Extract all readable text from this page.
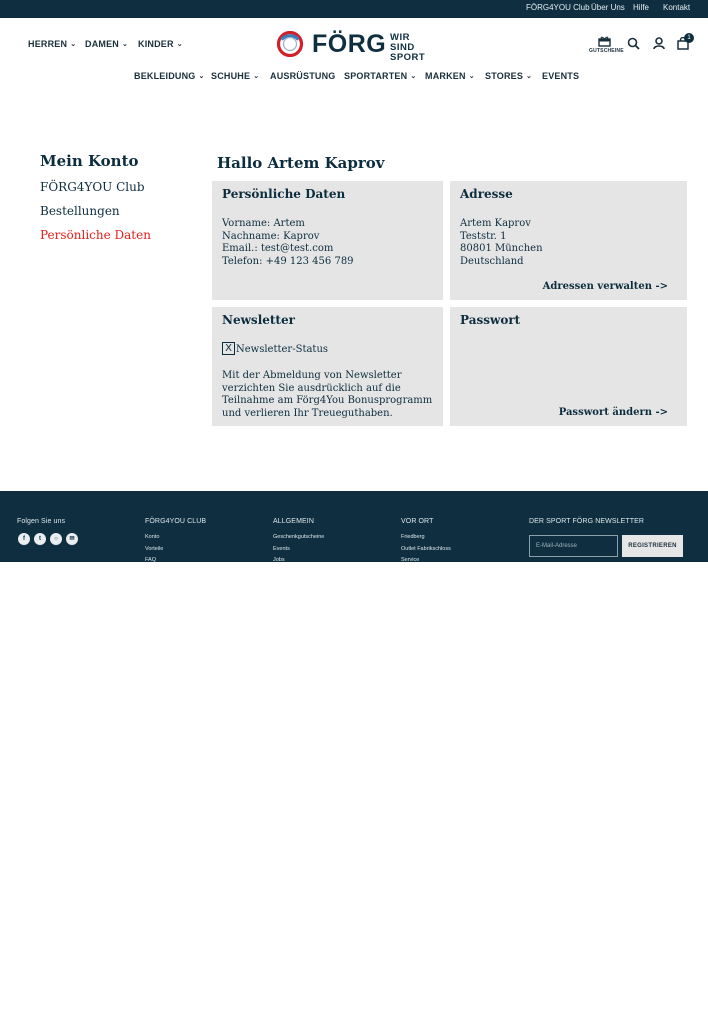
FÖRG4YOU Club Über Uns Hilfe Kontakt
HERREN ⌄ DAMEN ⌄ KINDER ⌄	FÖRG WIR SIND
SPORT
GUTSCHEINE
1
BEKLEIDUNG ⌄ SCHUHE ⌄ AUSRÜSTUNG SPORTARTEN ⌄ MARKEN ⌄ STORES ⌄ EVENTS
Mein Konto
FÖRG4YOU Club
Bestellungen
Persönliche Daten
Hallo Artem Kaprov
Persönliche Daten
Vorname: Artem
Nachname: Kaprov
Email.: test@test.com
Telefon: +49 123 456 789
Adresse
Artem Kaprov
Teststr. 1
80801 München
Deutschland
Adressen verwalten ->
Newsletter
X Newsletter-Status
Mit der Abmeldung von Newsletter verzichten Sie ausdrücklich auf die Teilnahme am Förg4You Bonusprogramm und verlieren Ihr Treueguthaben.
Passwort
Passwort ändern ->
Folgen Sie uns
f	t	○	✉
FÖRG4YOU CLUB
Konto
Vorteile
FAQ
ALLGEMEIN
Geschenkgutscheine
Events
Jobs
VOR ORT
Friedberg
Outlet Fabrikschloss
Service
DER SPORT FÖRG NEWSLETTER
E-Mail-Adresse	REGISTRIEREN
